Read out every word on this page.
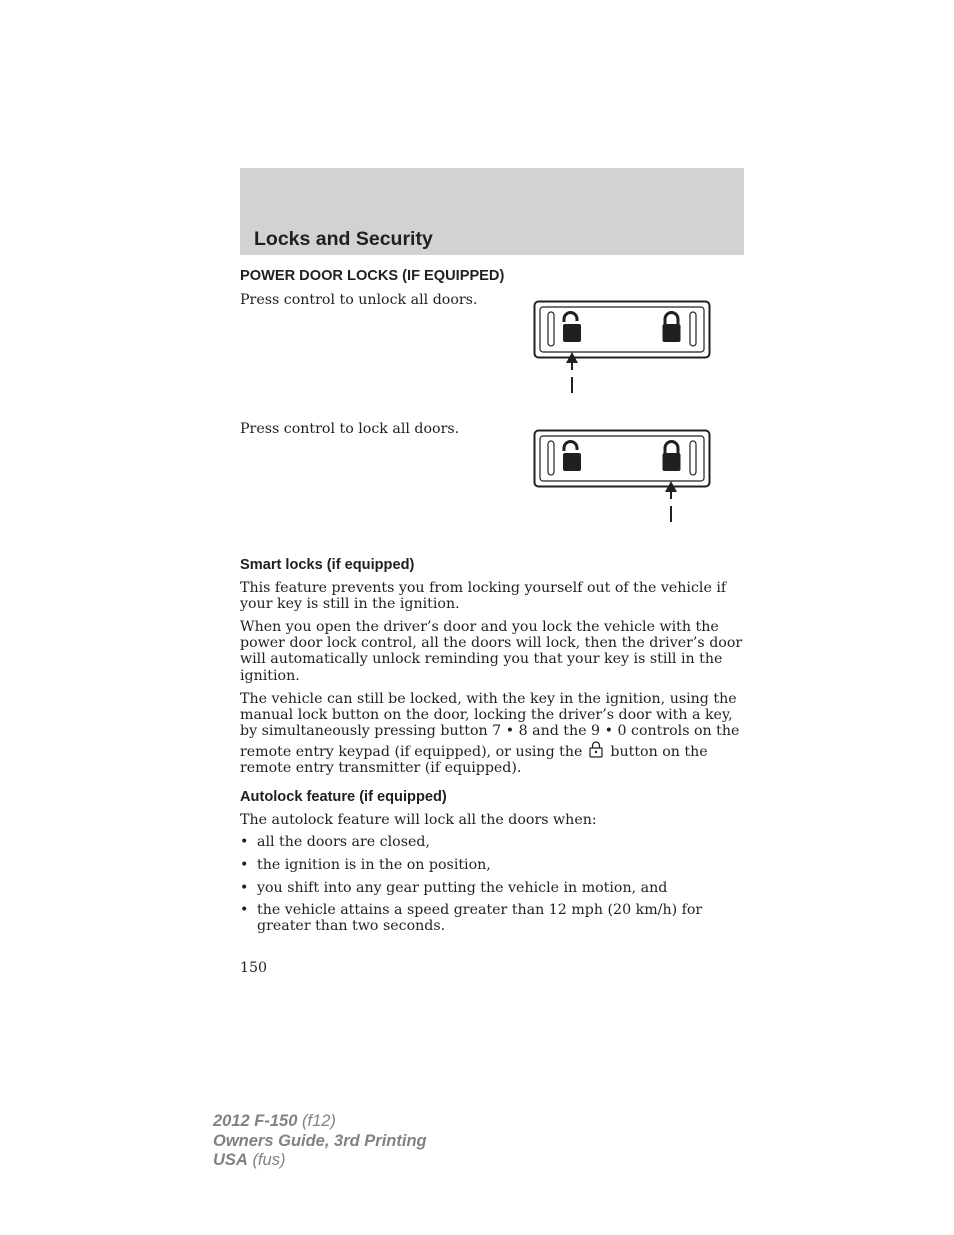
Locks and Security
POWER DOOR LOCKS (IF EQUIPPED)

Press control to unlock all doors.

Press control to lock all doors.

Smart locks (if equipped)

This feature prevents you from locking yourself out of the vehicle if your key is still in the ignition.

When you open the driver’s door and you lock the vehicle with the power door lock control, all the doors will lock, then the driver’s door will automatically unlock reminding you that your key is still in the ignition.

The vehicle can still be locked, with the key in the ignition, using the manual lock button on the door, locking the driver’s door with a key, by simultaneously pressing button 7 • 8 and the 9 • 0 controls on the remote entry keypad (if equipped), or using the button on the remote entry transmitter (if equipped).

Autolock feature (if equipped)

The autolock feature will lock all the doors when:

• all the doors are closed,
• the ignition is in the on position,
• you shift into any gear putting the vehicle in motion, and
• the vehicle attains a speed greater than 12 mph (20 km/h) for greater than two seconds.

150

2012 F-150 (f12)
Owners Guide, 3rd Printing
USA (fus)
